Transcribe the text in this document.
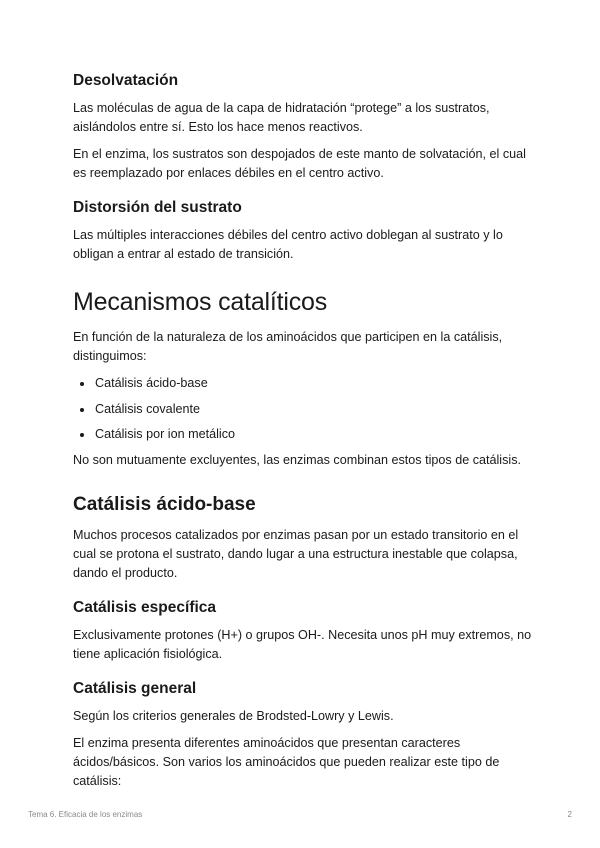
Desolvatación

Las moléculas de agua de la capa de hidratación “protege” a los sustratos, aislándolos entre sí. Esto los hace menos reactivos.

En el enzima, los sustratos son despojados de este manto de solvatación, el cual es reemplazado por enlaces débiles en el centro activo.

Distorsión del sustrato

Las múltiples interacciones débiles del centro activo doblegan al sustrato y lo obligan a entrar al estado de transición.

Mecanismos catalíticos

En función de la naturaleza de los aminoácidos que participen en la catálisis, distinguimos:

Catálisis ácido-base
Catálisis covalente
Catálisis por ion metálico

No son mutuamente excluyentes, las enzimas combinan estos tipos de catálisis.

Catálisis ácido-base

Muchos procesos catalizados por enzimas pasan por un estado transitorio en el cual se protona el sustrato, dando lugar a una estructura inestable que colapsa, dando el producto.

Catálisis específica

Exclusivamente protones (H+) o grupos OH-. Necesita unos pH muy extremos, no tiene aplicación fisiológica.

Catálisis general

Según los criterios generales de Brodsted-Lowry y Lewis.

El enzima presenta diferentes aminoácidos que presentan caracteres ácidos/básicos. Son varios los aminoácidos que pueden realizar este tipo de catálisis:

Tema 6. Eficacia de los enzimas	2
